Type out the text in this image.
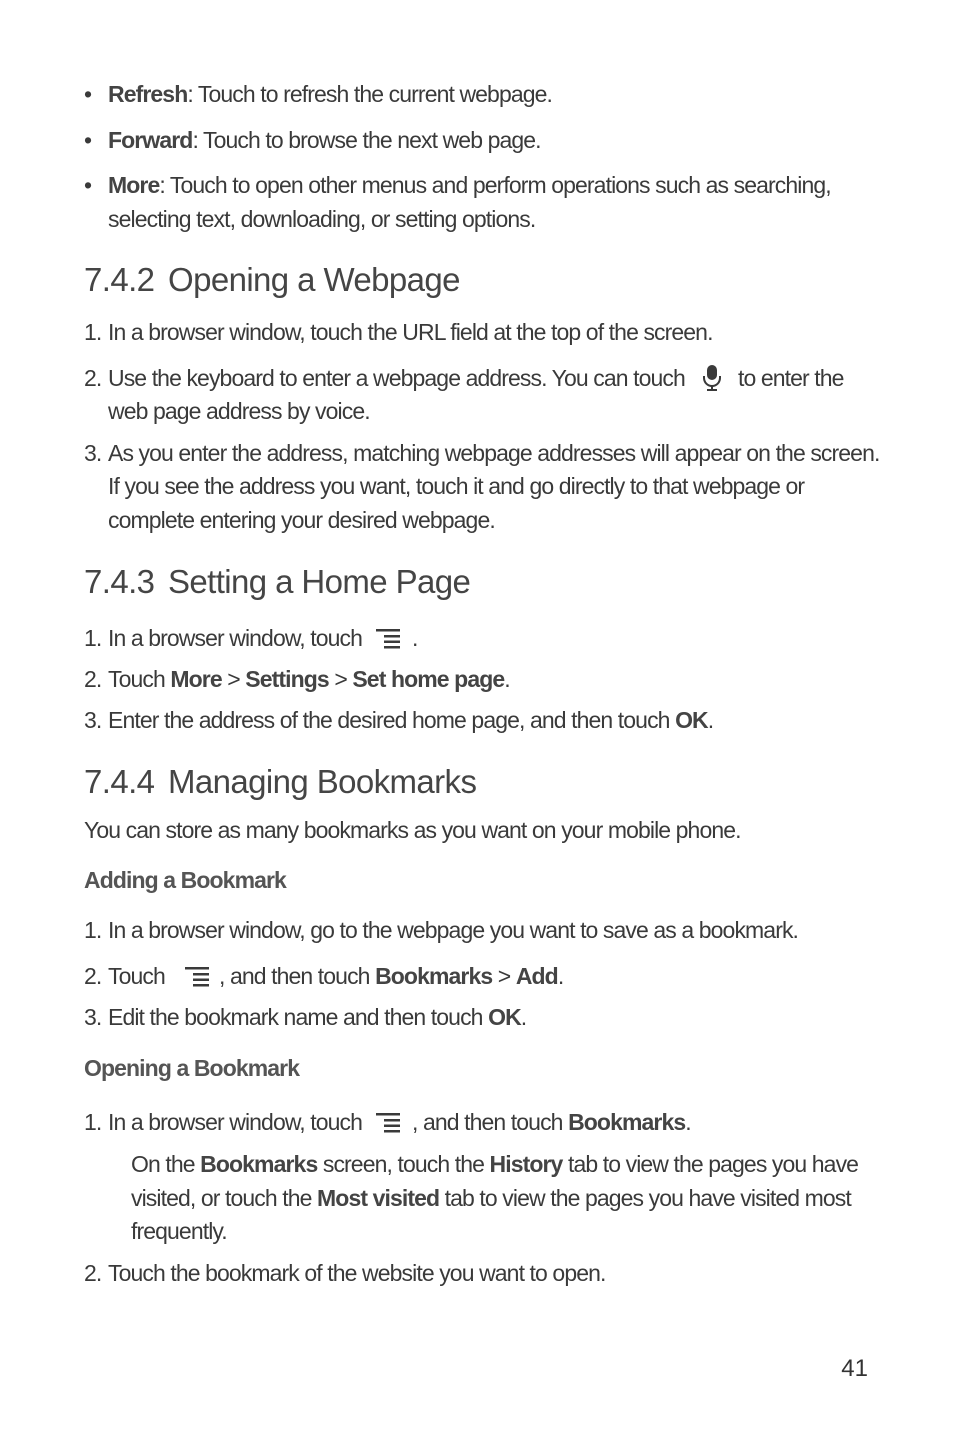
• Refresh: Touch to refresh the current webpage.
• Forward: Touch to browse the next web page.
• More: Touch to open other menus and perform operations such as searching,
selecting text, downloading, or setting options.
7.4.2 Opening a Webpage
1. In a browser window, touch the URL field at the top of the screen.
2. Use the keyboard to enter a webpage address. You can touch to enter the
web page address by voice.
3. As you enter the address, matching webpage addresses will appear on the screen.
If you see the address you want, touch it and go directly to that webpage or
complete entering your desired webpage.
7.4.3 Setting a Home Page
1. In a browser window, touch .
2. Touch More > Settings > Set home page.
3. Enter the address of the desired home page, and then touch OK.
7.4.4 Managing Bookmarks
You can store as many bookmarks as you want on your mobile phone.
Adding a Bookmark
1. In a browser window, go to the webpage you want to save as a bookmark.
2. Touch , and then touch Bookmarks > Add.
3. Edit the bookmark name and then touch OK.
Opening a Bookmark
1. In a browser window, touch , and then touch Bookmarks.
On the Bookmarks screen, touch the History tab to view the pages you have
visited, or touch the Most visited tab to view the pages you have visited most
frequently.
2. Touch the bookmark of the website you want to open.
41
